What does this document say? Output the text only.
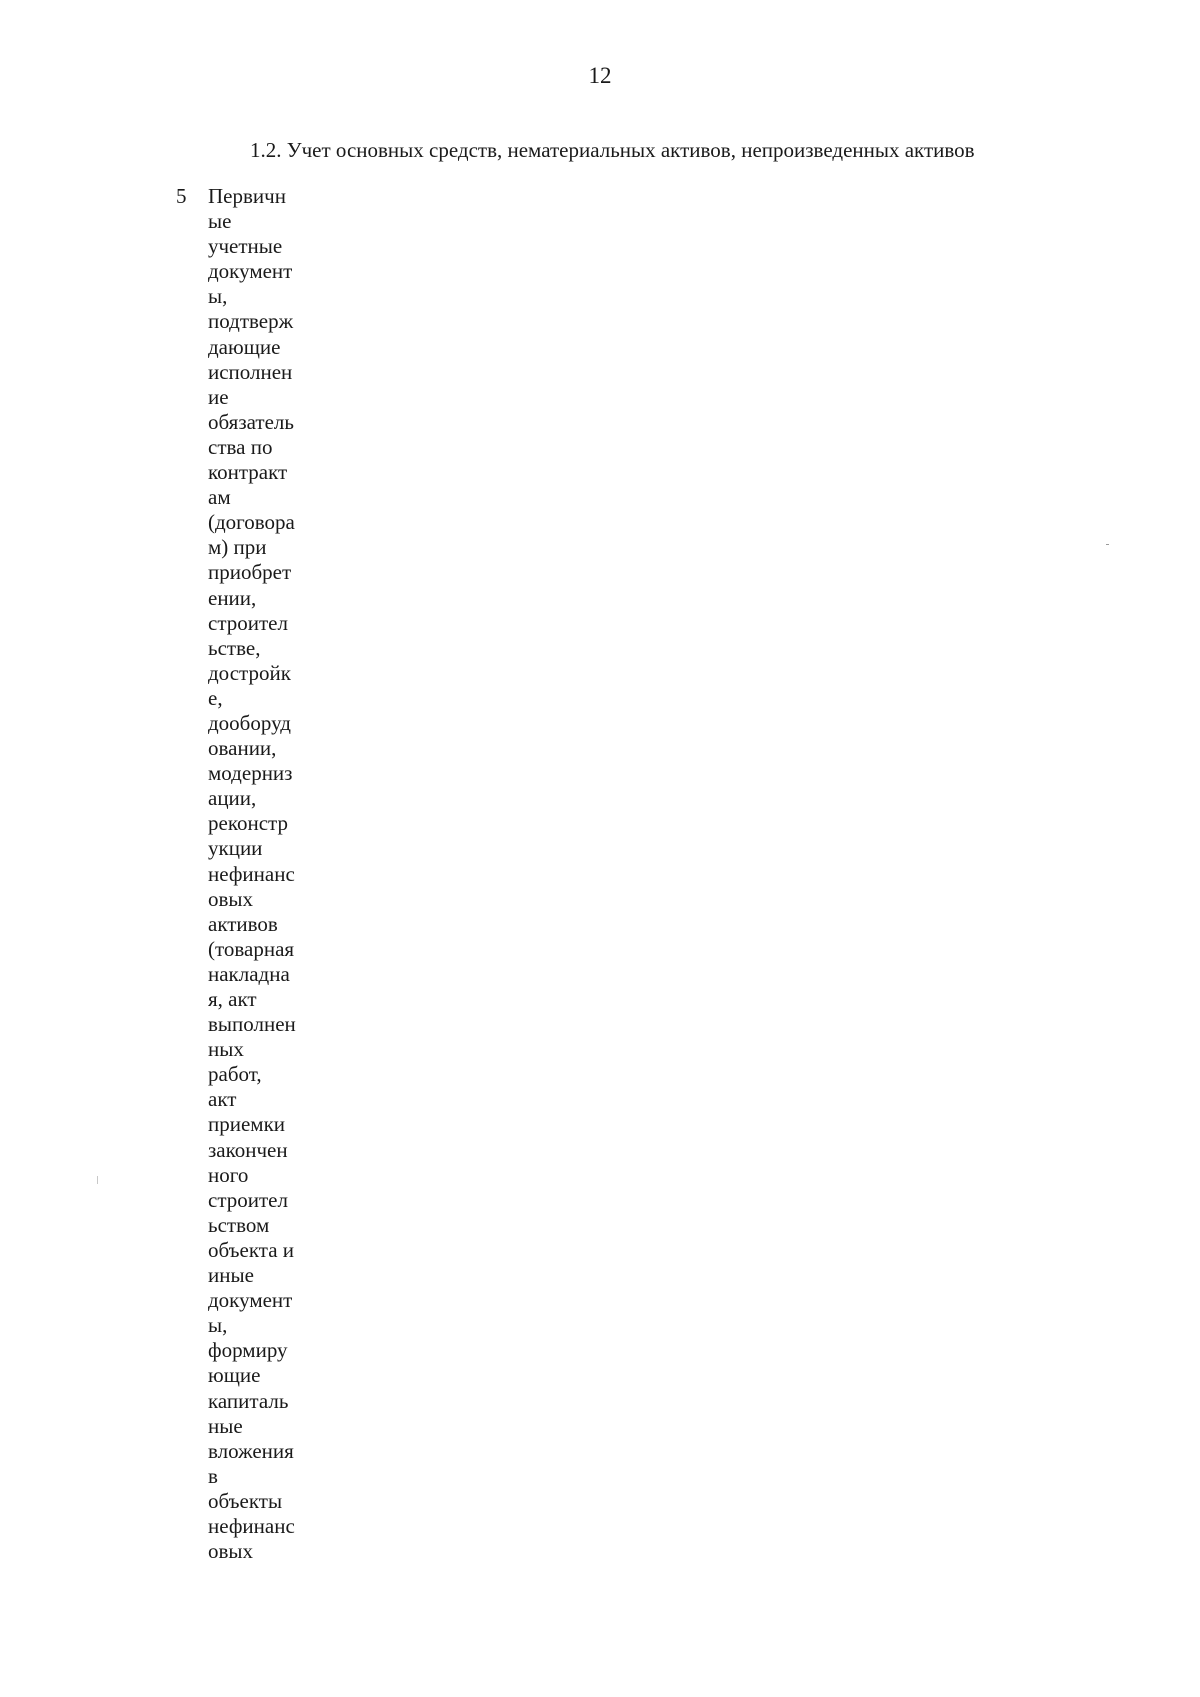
12
1.2. Учет основных средств, нематериальных активов, непроизведенных активов
5 Первичн
ые
учетные
документ
ы,
подтверж
дающие
исполнен
ие
обязатель
ства по
контракт
ам
(договора
м) при
приобрет
ении,
строител
ьстве,
достройк
е,
дооборуд
овании,
модерниз
ации,
реконстр
укции
нефинанс
овых
активов
(товарная
накладна
я, акт
выполнен
ных
работ,
акт
приемки
закончен
ного
строител
ьством
объекта и
иные
документ
ы,
формиру
ющие
капиталь
ные
вложения
в
объекты
нефинанс
овых
